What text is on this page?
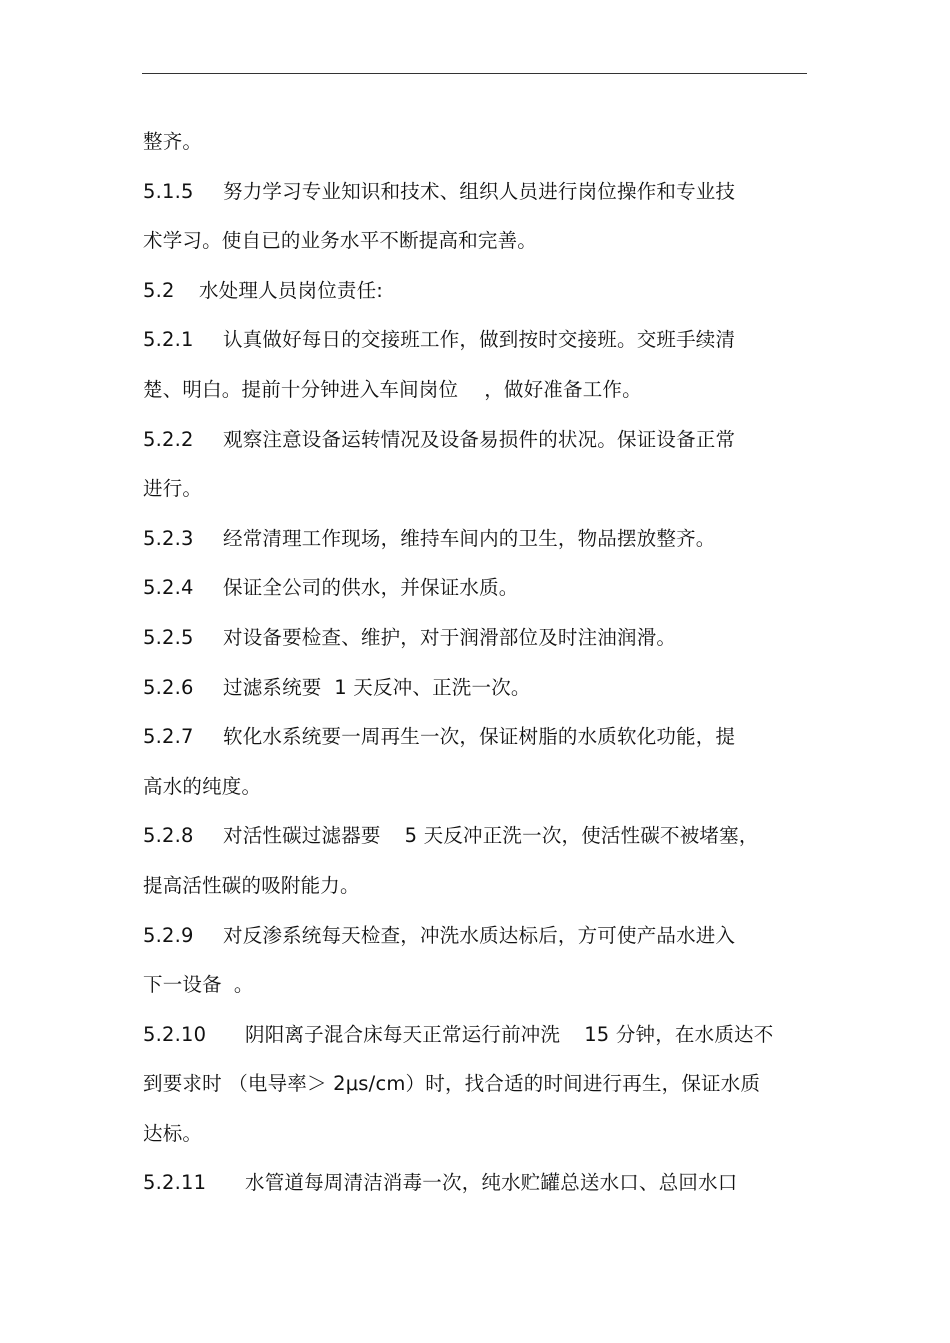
整齐。
5.1.5 努力学习专业知识和技术、组织人员进行岗位操作和专业技
术学习。使自已的业务水平不断提高和完善。
5.2 水处理人员岗位责任:
5.2.1 认真做好每日的交接班工作，做到按时交接班。交班手续清
楚、明白。提前十分钟进入车间岗位 ，做好准备工作。
5.2.2 观察注意设备运转情况及设备易损件的状况。保证设备正常
进行。
5.2.3 经常清理工作现场，维持车间内的卫生，物品摆放整齐。
5.2.4 保证全公司的供水，并保证水质。
5.2.5 对设备要检查、维护，对于润滑部位及时注油润滑。
5.2.6 过滤系统要  1 天反冲、正洗一次。
5.2.7 软化水系统要一周再生一次，保证树脂的水质软化功能，提
高水的纯度。
5.2.8 对活性碳过滤器要 5 天反冲正洗一次，使活性碳不被堵塞，
提高活性碳的吸附能力。
5.2.9 对反渗系统每天检查，冲洗水质达标后，方可使产品水进入
下一设备 。
5.2.10 阴阳离子混合床每天正常运行前冲洗 15 分钟，在水质达不
到要求时 （电导率＞ 2μs/cm）时，找合适的时间进行再生，保证水质
达标。
5.2.11 水管道每周清洁消毒一次，纯水贮罐总送水口、总回水口
